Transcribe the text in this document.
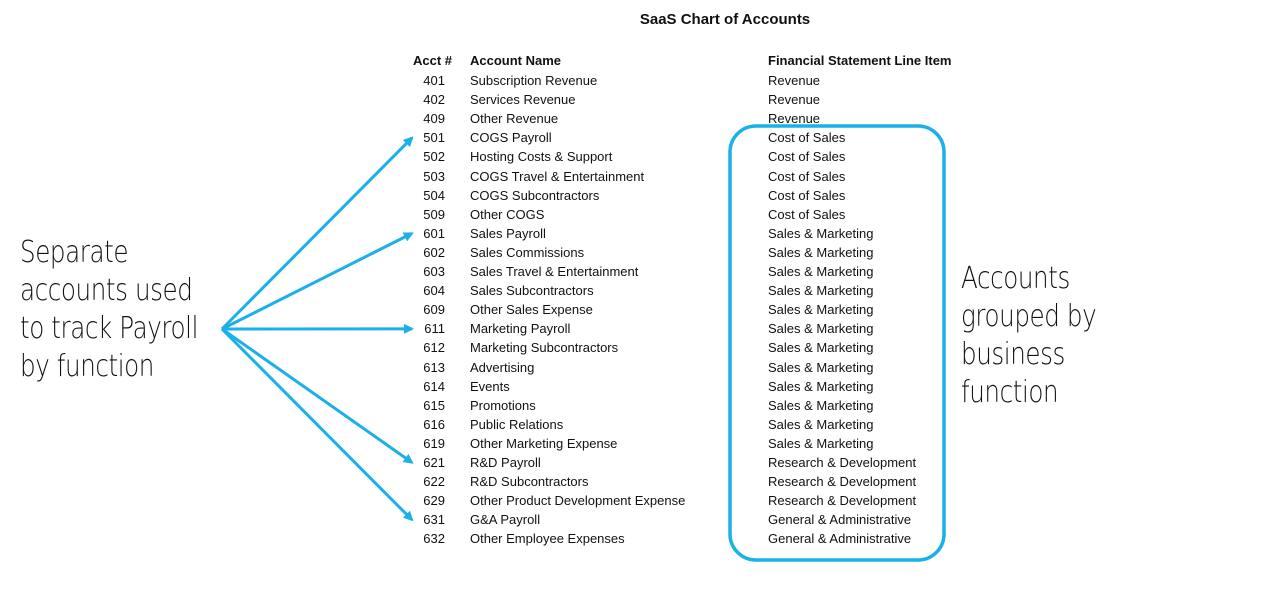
SaaS Chart of Accounts
Acct # Account Name	Financial Statement Line Item
401 Subscription Revenue	Revenue
402 Services Revenue	Revenue
409 Other Revenue	Revenue
501 COGS Payroll	Cost of Sales
502 Hosting Costs & Support	Cost of Sales
503 COGS Travel & Entertainment	Cost of Sales
504 COGS Subcontractors	Cost of Sales
509 Other COGS	Cost of Sales
601 Sales Payroll	Sales & Marketing
602 Sales Commissions	Sales & Marketing
603 Sales Travel & Entertainment	Sales & Marketing
604 Sales Subcontractors	Sales & Marketing
609 Other Sales Expense	Sales & Marketing
611 Marketing Payroll	Sales & Marketing
612 Marketing Subcontractors	Sales & Marketing
613 Advertising	Sales & Marketing
614 Events	Sales & Marketing
615 Promotions	Sales & Marketing
616 Public Relations	Sales & Marketing
619 Other Marketing Expense	Sales & Marketing
621 R&D Payroll	Research & Development
622 R&D Subcontractors	Research & Development
629 Other Product Development Expense	Research & Development
631 G&A Payroll	General & Administrative
632 Other Employee Expenses	General & Administrative
Separate
accounts used
to track Payroll
by function
Accounts
grouped by
business
function
